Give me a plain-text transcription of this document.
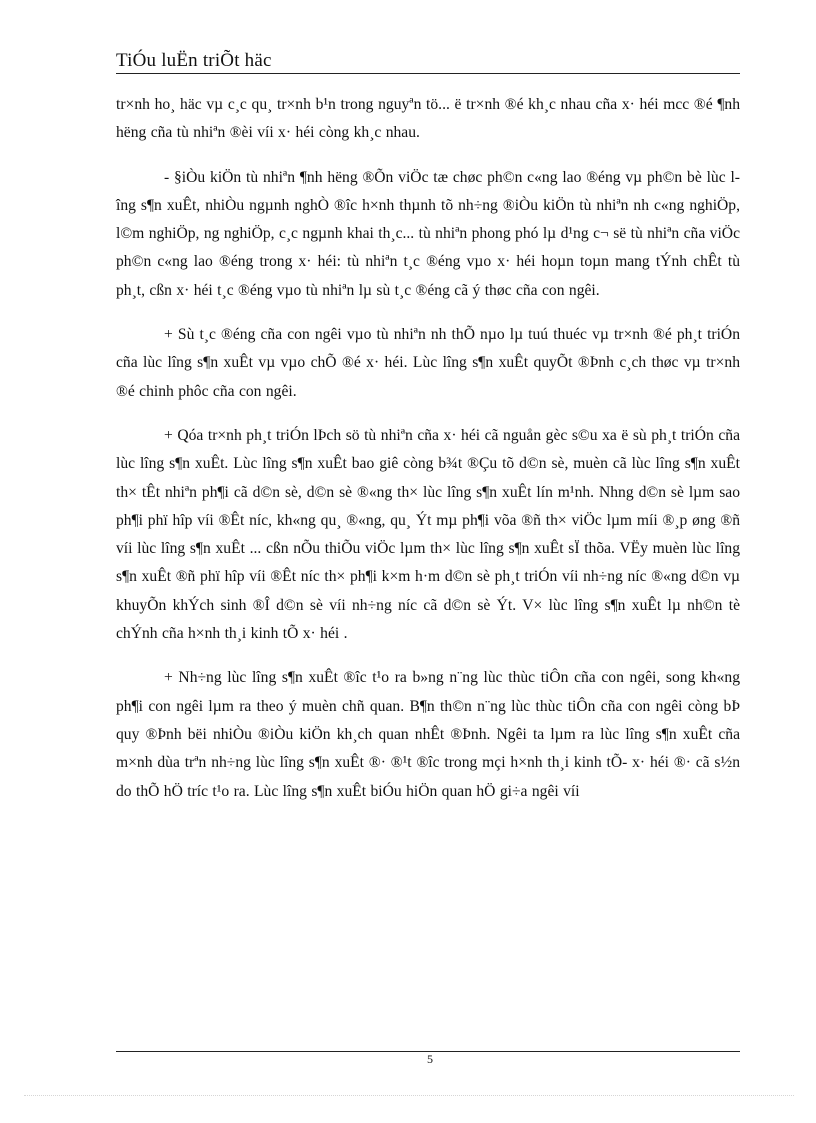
TiÓu luËn triÕt häc

tr×nh ho¸ häc vµ c¸c qu¸ tr×nh b¹n trong nguyªn tö... ë tr×nh ®é kh¸c nhau cña x· héi mcc ®é ¶nh hëng cña tù nhiªn ®èi víi x· héi còng kh¸c nhau.

- §iÒu kiÖn tù nhiªn ¶nh hëng ®Õn viÖc tæ chøc ph©n c«ng lao ®éng vµ ph©n bè lùc lîng s¶n xuÊt, nhiÒu ngµnh nghÒ ®îc h×nh thµnh tõ nh÷ng ®iÒu kiÖn tù nhiªn nh c«ng nghiÖp, l©m nghiÖp, ng nghiÖp, c¸c ngµnh khai th¸c... tù nhiªn phong phó lµ d¹ng c¬ së tù nhiªn cña viÖc ph©n c«ng lao ®éng trong x· héi: tù nhiªn t¸c ®éng vµo x· héi hoµn toµn mang tÝnh chÊt tù ph¸t, cßn x· héi t¸c ®éng vµo tù nhiªn lµ sù t¸c ®éng cã ý thøc cña con ngêi.

+ Sù t¸c ®éng cña con ngêi vµo tù nhiªn nh thÕ nµo lµ tuú thuéc vµ tr×nh ®é ph¸t triÓn cña lùc lîng s¶n xuÊt vµ vµo chÕ ®é x· héi. Lùc lîng s¶n xuÊt quyÕt ®Þnh c¸ch thøc vµ tr×nh ®é chinh phôc cña con ngêi.

+ Qóa tr×nh ph¸t triÓn lÞch sö tù nhiªn cña x· héi cã nguån gèc s©u xa ë sù ph¸t triÓn cña lùc lîng s¶n xuÊt. Lùc lîng s¶n xuÊt bao giê còng b¾t ®Çu tõ d©n sè, muèn cã lùc lîng s¶n xuÊt th× tÊt nhiªn ph¶i cã d©n sè, d©n sè ®«ng th× lùc lîng s¶n xuÊt lín m¹nh. Nhng d©n sè lµm sao ph¶i phï hîp víi ®Êt níc, kh«ng qu¸ ®«ng, qu¸ Ýt mµ ph¶i võa ®ñ th× viÖc lµm míi ®¸p øng ®ñ víi lùc lîng s¶n xuÊt ... cßn nÕu thiÕu viÖc lµm th× lùc lîng s¶n xuÊt sÏ thõa. VËy muèn lùc lîng s¶n xuÊt ®ñ phï hîp víi ®Êt níc th× ph¶i k×m h·m d©n sè ph¸t triÓn víi nh÷ng níc ®«ng d©n vµ khuyÕn khÝch sinh ®Î d©n sè víi nh÷ng níc cã d©n sè Ýt. V× lùc lîng s¶n xuÊt lµ nh©n tè chÝnh cña h×nh th¸i kinh tÕ x· héi .

+ Nh÷ng lùc lîng s¶n xuÊt ®îc t¹o ra b»ng n¨ng lùc thùc tiÔn cña con ngêi, song kh«ng ph¶i con ngêi lµm ra theo ý muèn chñ quan. B¶n th©n n¨ng lùc thùc tiÔn cña con ngêi còng bÞ quy ®Þnh bëi nhiÒu ®iÒu kiÖn kh¸ch quan nhÊt ®Þnh. Ngêi ta lµm ra lùc lîng s¶n xuÊt cña m×nh dùa trªn nh÷ng lùc lîng s¶n xuÊt ®· ®¹t ®îc trong mçi h×nh th¸i kinh tÕ- x· héi ®· cã s½n do thÕ hÖ tríc t¹o ra. Lùc lîng s¶n xuÊt biÓu hiÖn quan hÖ gi÷a ngêi víi

5
